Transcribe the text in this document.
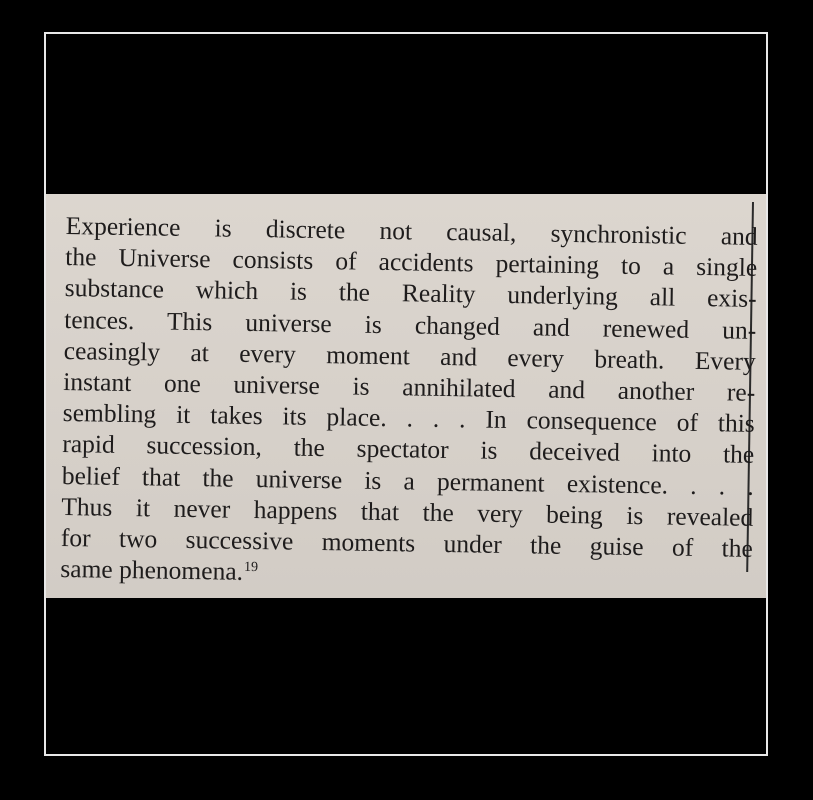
Experience is discrete not causal, synchronistic and
the Universe consists of accidents pertaining to a single
substance which is the Reality underlying all exis-
tences. This universe is changed and renewed un-
ceasingly at every moment and every breath. Every
instant one universe is annihilated and another re-
sembling it takes its place. . . . In consequence of this
rapid succession, the spectator is deceived into the
belief that the universe is a permanent existence. . . .
Thus it never happens that the very being is revealed
for two successive moments under the guise of the
same phenomena.$^{19}$
